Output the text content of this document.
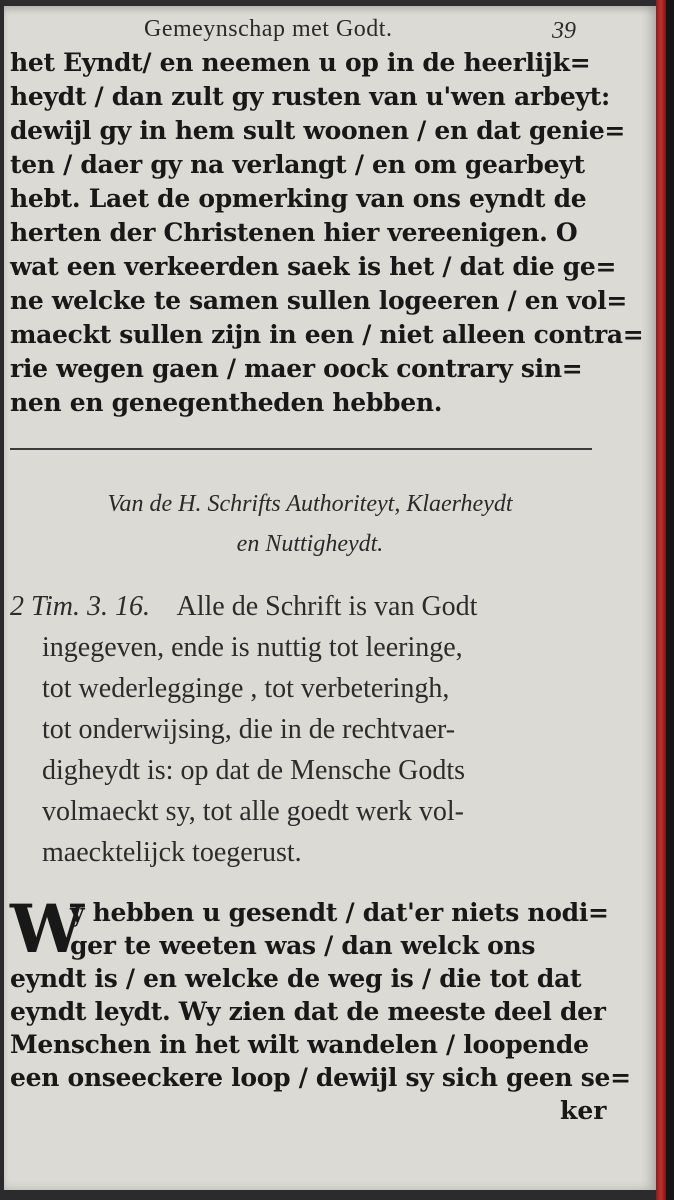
Gemeynschap met Godt.	39
het Eyndt/ en neemen u op in de heerlijk=
heydt / dan zult gy rusten van u'wen arbeyt:
dewijl gy in hem sult woonen / en dat genie=
ten / daer gy na verlangt / en om gearbeyt
hebt. Laet de opmerking van ons eyndt de
herten der Christenen hier vereenigen. O
wat een verkeerden saek is het / dat die ge=
ne welcke te samen sullen logeeren / en vol=
maeckt sullen zijn in een / niet alleen contra=
rie wegen gaen / maer oock contrary sin=
nen en genegentheden hebben.
Van de H. Schrifts Authoriteyt, Klaerheydt
en Nuttigheydt.
2 Tim. 3. 16. Alle de Schrift is van Godt
ingegeven, ende is nuttig tot leeringe,
tot wederleggingе , tot verbeteringh,
tot onderwijsing, die in de rechtvaer-
digheydt is: op dat de Mensche Godts
volmaeckt sy, tot alle goedt werk vol-
maeckteliјck toegerust.
W
y hebben u gesendt / dat'er niets nodi=
ger te weeten was / dan welck ons
eyndt is / en welcke de weg is / die tot dat
eyndt leydt. Wy zien dat de meeste deel der
Menschen in het wilt wandelen / loopende
een onseeckere loop / dewijl sy sich geen se=
ker
